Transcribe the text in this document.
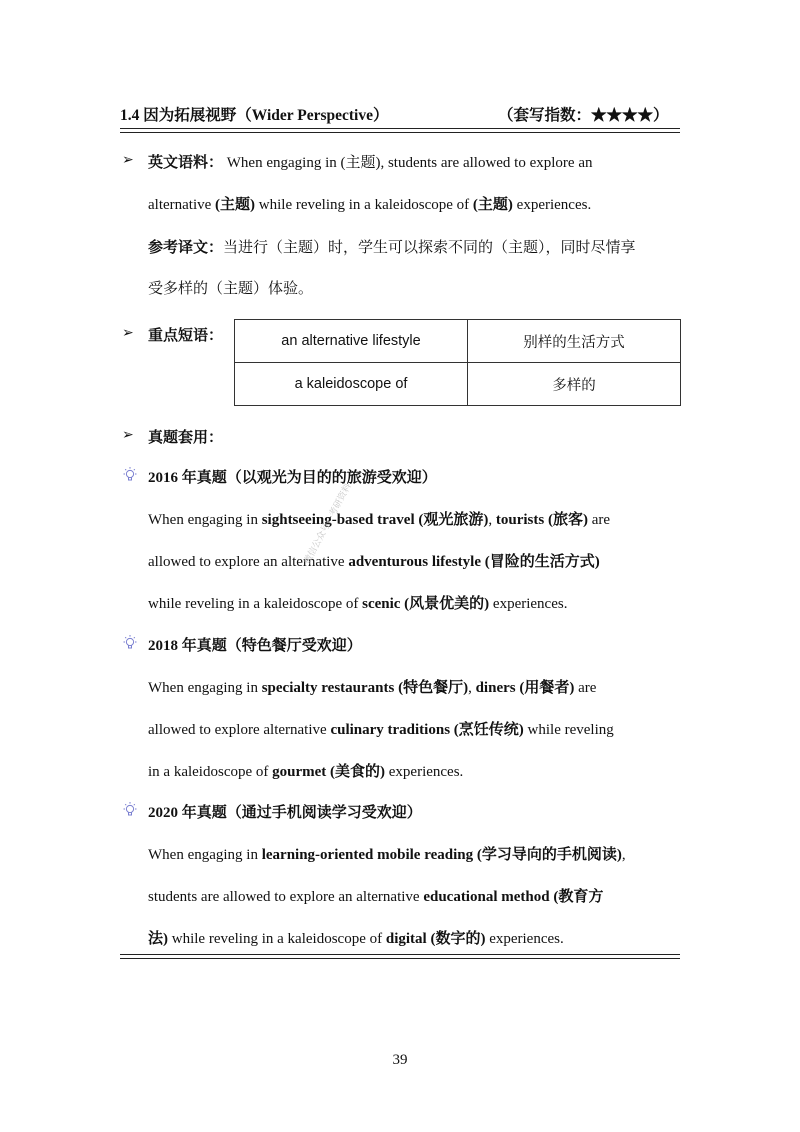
1.4 因为拓展视野（Wider Perspective）	（套写指数：★★★★）
➢ 英文语料： When engaging in (主题), students are allowed to explore an
alternative (主题) while reveling in a kaleidoscope of (主题) experiences.
参考译文：当进行（主题）时，学生可以探索不同的（主题），同时尽情享
受多样的（主题）体验。
➢ 重点短语：	an alternative lifestyle	别样的生活方式
a kaleidoscope of	多样的
➢ 真题套用：
2016 年真题（以观光为目的的旅游受欢迎）
When engaging in sightseeing-based travel (观光旅游), tourists (旅客) are
allowed to explore an alternative adventurous lifestyle (冒险的生活方式)
while reveling in a kaleidoscope of scenic (风景优美的) experiences.
2018 年真题（特色餐厅受欢迎）
When engaging in specialty restaurants (特色餐厅), diners (用餐者) are
allowed to explore alternative culinary traditions (烹饪传统) while reveling
in a kaleidoscope of gourmet (美食的) experiences.
2020 年真题（通过手机阅读学习受欢迎）
When engaging in learning-oriented mobile reading (学习导向的手机阅读),
students are allowed to explore an alternative educational method (教育方
法) while reveling in a kaleidoscope of digital (数字的) experiences.
微信公众号：考研资料
39
